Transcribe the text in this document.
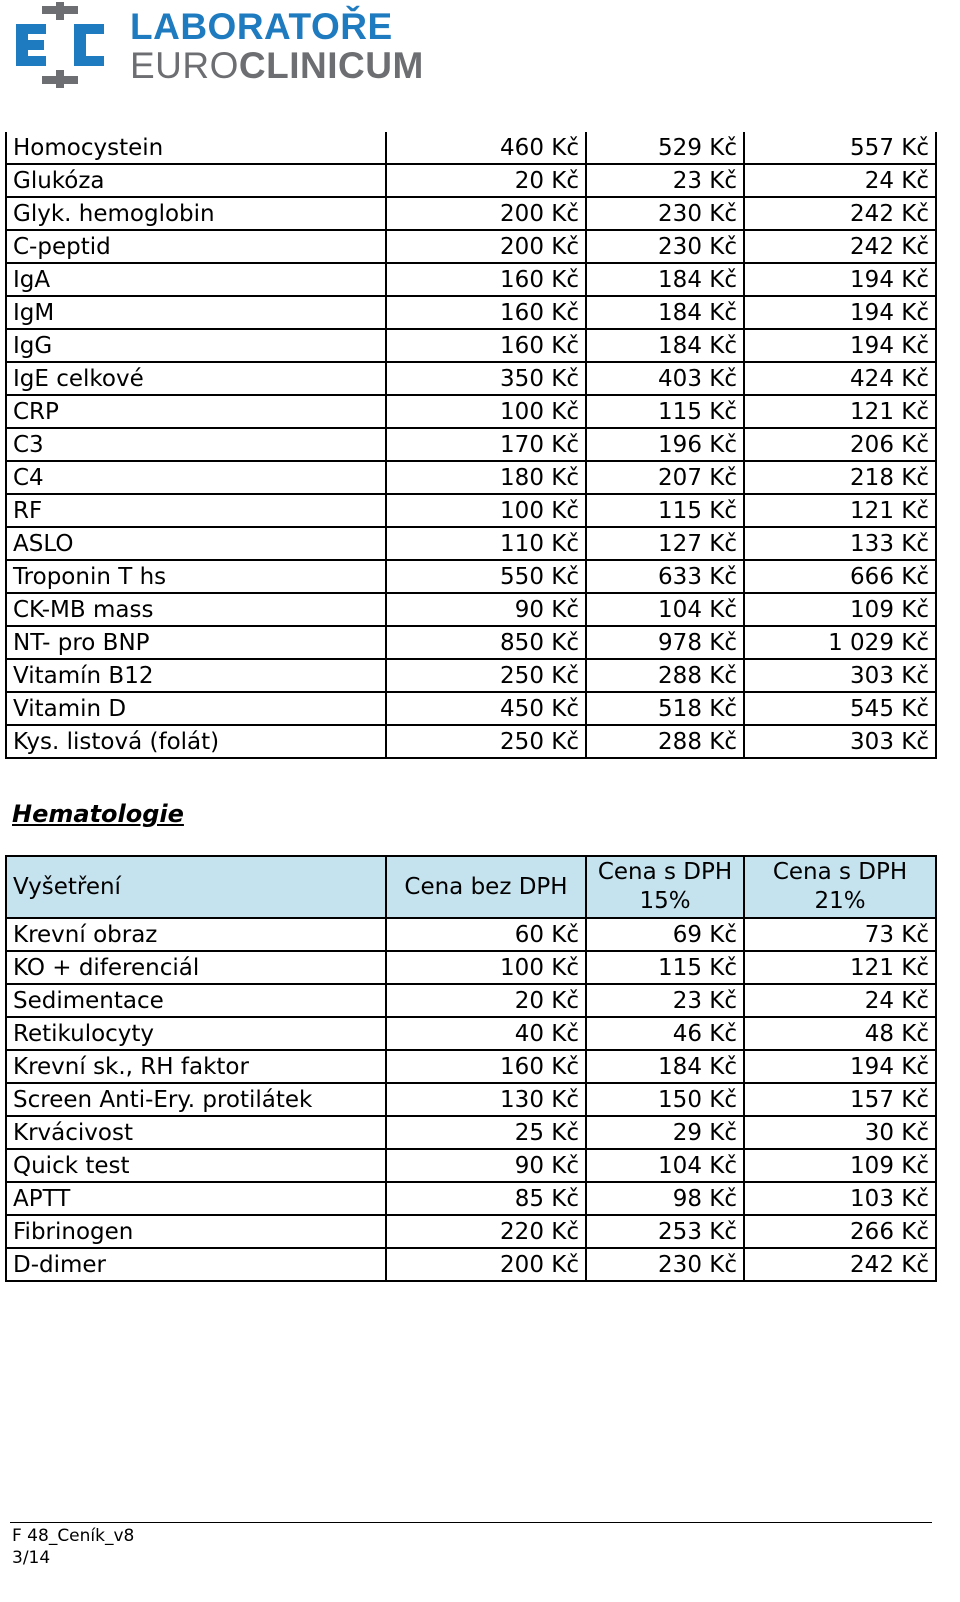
LABORATOŘE
EUROCLINICUM
Homocystein	460 Kč	529 Kč	557 Kč
Glukóza	20 Kč	23 Kč	24 Kč
Glyk. hemoglobin	200 Kč	230 Kč	242 Kč
C-peptid	200 Kč	230 Kč	242 Kč
IgA	160 Kč	184 Kč	194 Kč
IgM	160 Kč	184 Kč	194 Kč
IgG	160 Kč	184 Kč	194 Kč
IgE celkové	350 Kč	403 Kč	424 Kč
CRP	100 Kč	115 Kč	121 Kč
C3	170 Kč	196 Kč	206 Kč
C4	180 Kč	207 Kč	218 Kč
RF	100 Kč	115 Kč	121 Kč
ASLO	110 Kč	127 Kč	133 Kč
Troponin T hs	550 Kč	633 Kč	666 Kč
CK-MB mass	90 Kč	104 Kč	109 Kč
NT- pro BNP	850 Kč	978 Kč	1 029 Kč
Vitamín B12	250 Kč	288 Kč	303 Kč
Vitamin D	450 Kč	518 Kč	545 Kč
Kys. listová (folát)	250 Kč	288 Kč	303 Kč
Hematologie
Vyšetření	Cena bez DPH	Cena s DPH 15%	Cena s DPH 21%
Krevní obraz	60 Kč	69 Kč	73 Kč
KO + diferenciál	100 Kč	115 Kč	121 Kč
Sedimentace	20 Kč	23 Kč	24 Kč
Retikulocyty	40 Kč	46 Kč	48 Kč
Krevní sk., RH faktor	160 Kč	184 Kč	194 Kč
Screen Anti-Ery. protilátek	130 Kč	150 Kč	157 Kč
Krvácivost	25 Kč	29 Kč	30 Kč
Quick test	90 Kč	104 Kč	109 Kč
APTT	85 Kč	98 Kč	103 Kč
Fibrinogen	220 Kč	253 Kč	266 Kč
D-dimer	200 Kč	230 Kč	242 Kč
F 48_Ceník_v8
3/14
